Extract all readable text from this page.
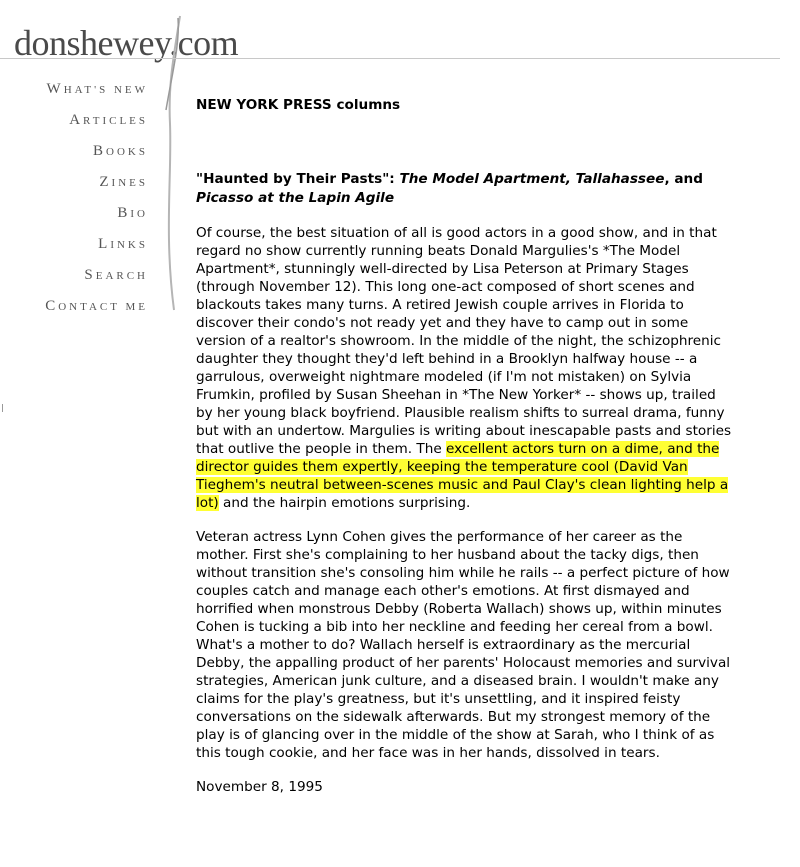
donshewey.com
WHAT'S NEW
ARTICLES
BOOKS
ZINES
BIO
LINKS
SEARCH
CONTACT ME
NEW YORK PRESS columns
"Haunted by Their Pasts": The Model Apartment, Tallahassee, and Picasso at the Lapin Agile

Of course, the best situation of all is good actors in a good show, and in that regard no show currently running beats Donald Margulies's *The Model Apartment*, stunningly well-directed by Lisa Peterson at Primary Stages (through November 12). This long one-act composed of short scenes and blackouts takes many turns. A retired Jewish couple arrives in Florida to discover their condo's not ready yet and they have to camp out in some version of a realtor's showroom. In the middle of the night, the schizophrenic daughter they thought they'd left behind in a Brooklyn halfway house -- a garrulous, overweight nightmare modeled (if I'm not mistaken) on Sylvia Frumkin, profiled by Susan Sheehan in *The New Yorker* -- shows up, trailed by her young black boyfriend. Plausible realism shifts to surreal drama, funny but with an undertow. Margulies is writing about inescapable pasts and stories that outlive the people in them. The excellent actors turn on a dime, and the director guides them expertly, keeping the temperature cool (David Van Tieghem's neutral between-scenes music and Paul Clay's clean lighting help a lot) and the hairpin emotions surprising.

Veteran actress Lynn Cohen gives the performance of her career as the mother. First she's complaining to her husband about the tacky digs, then without transition she's consoling him while he rails -- a perfect picture of how couples catch and manage each other's emotions. At first dismayed and horrified when monstrous Debby (Roberta Wallach) shows up, within minutes Cohen is tucking a bib into her neckline and feeding her cereal from a bowl. What's a mother to do? Wallach herself is extraordinary as the mercurial Debby, the appalling product of her parents' Holocaust memories and survival strategies, American junk culture, and a diseased brain. I wouldn't make any claims for the play's greatness, but it's unsettling, and it inspired feisty conversations on the sidewalk afterwards. But my strongest memory of the play is of glancing over in the middle of the show at Sarah, who I think of as this tough cookie, and her face was in her hands, dissolved in tears.

November 8, 1995
